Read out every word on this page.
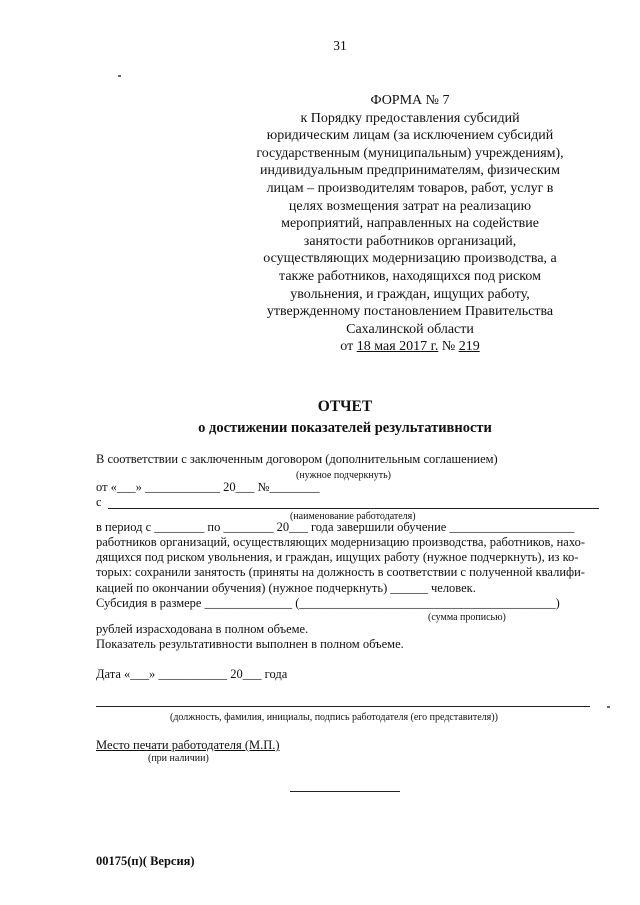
31
ФОРМА № 7
к Порядку предоставления субсидий
юридическим лицам (за исключением субсидий
государственным (муниципальным) учреждениям),
индивидуальным предпринимателям, физическим
лицам – производителям товаров, работ, услуг в
целях возмещения затрат на реализацию
мероприятий, направленных на содействие
занятости работников организаций,
осуществляющих модернизацию производства, а
также работников, находящихся под риском
увольнения, и граждан, ищущих работу,
утвержденному постановлением Правительства
Сахалинской области
от 18 мая 2017 г. № 219
ОТЧЕТ
о достижении показателей результативности
В соответствии с заключенным договором (дополнительным соглашением)
(нужное подчеркнуть)
от «___» ____________ 20___ №________
с
(наименование работодателя)
в период с ________ по ________ 20___ года завершили обучение ____________________
работников организаций, осуществляющих модернизацию производства, работников, нахо-
дящихся под риском увольнения, и граждан, ищущих работу (нужное подчеркнуть), из ко-
торых: сохранили занятость (приняты на должность в соответствии с полученной квалифи-
кацией по окончании обучения) (нужное подчеркнуть) ______ человек.
Субсидия в размере ______________ (_________________________________________)
(сумма прописью)
рублей израсходована в полном объеме.
Показатель результативности выполнен в полном объеме.
Дата «___» ___________ 20___ года
(должность, фамилия, инициалы, подпись работодателя (его представителя))
Место печати работодателя (М.П.)
(при наличии)
00175(п)( Версия)
